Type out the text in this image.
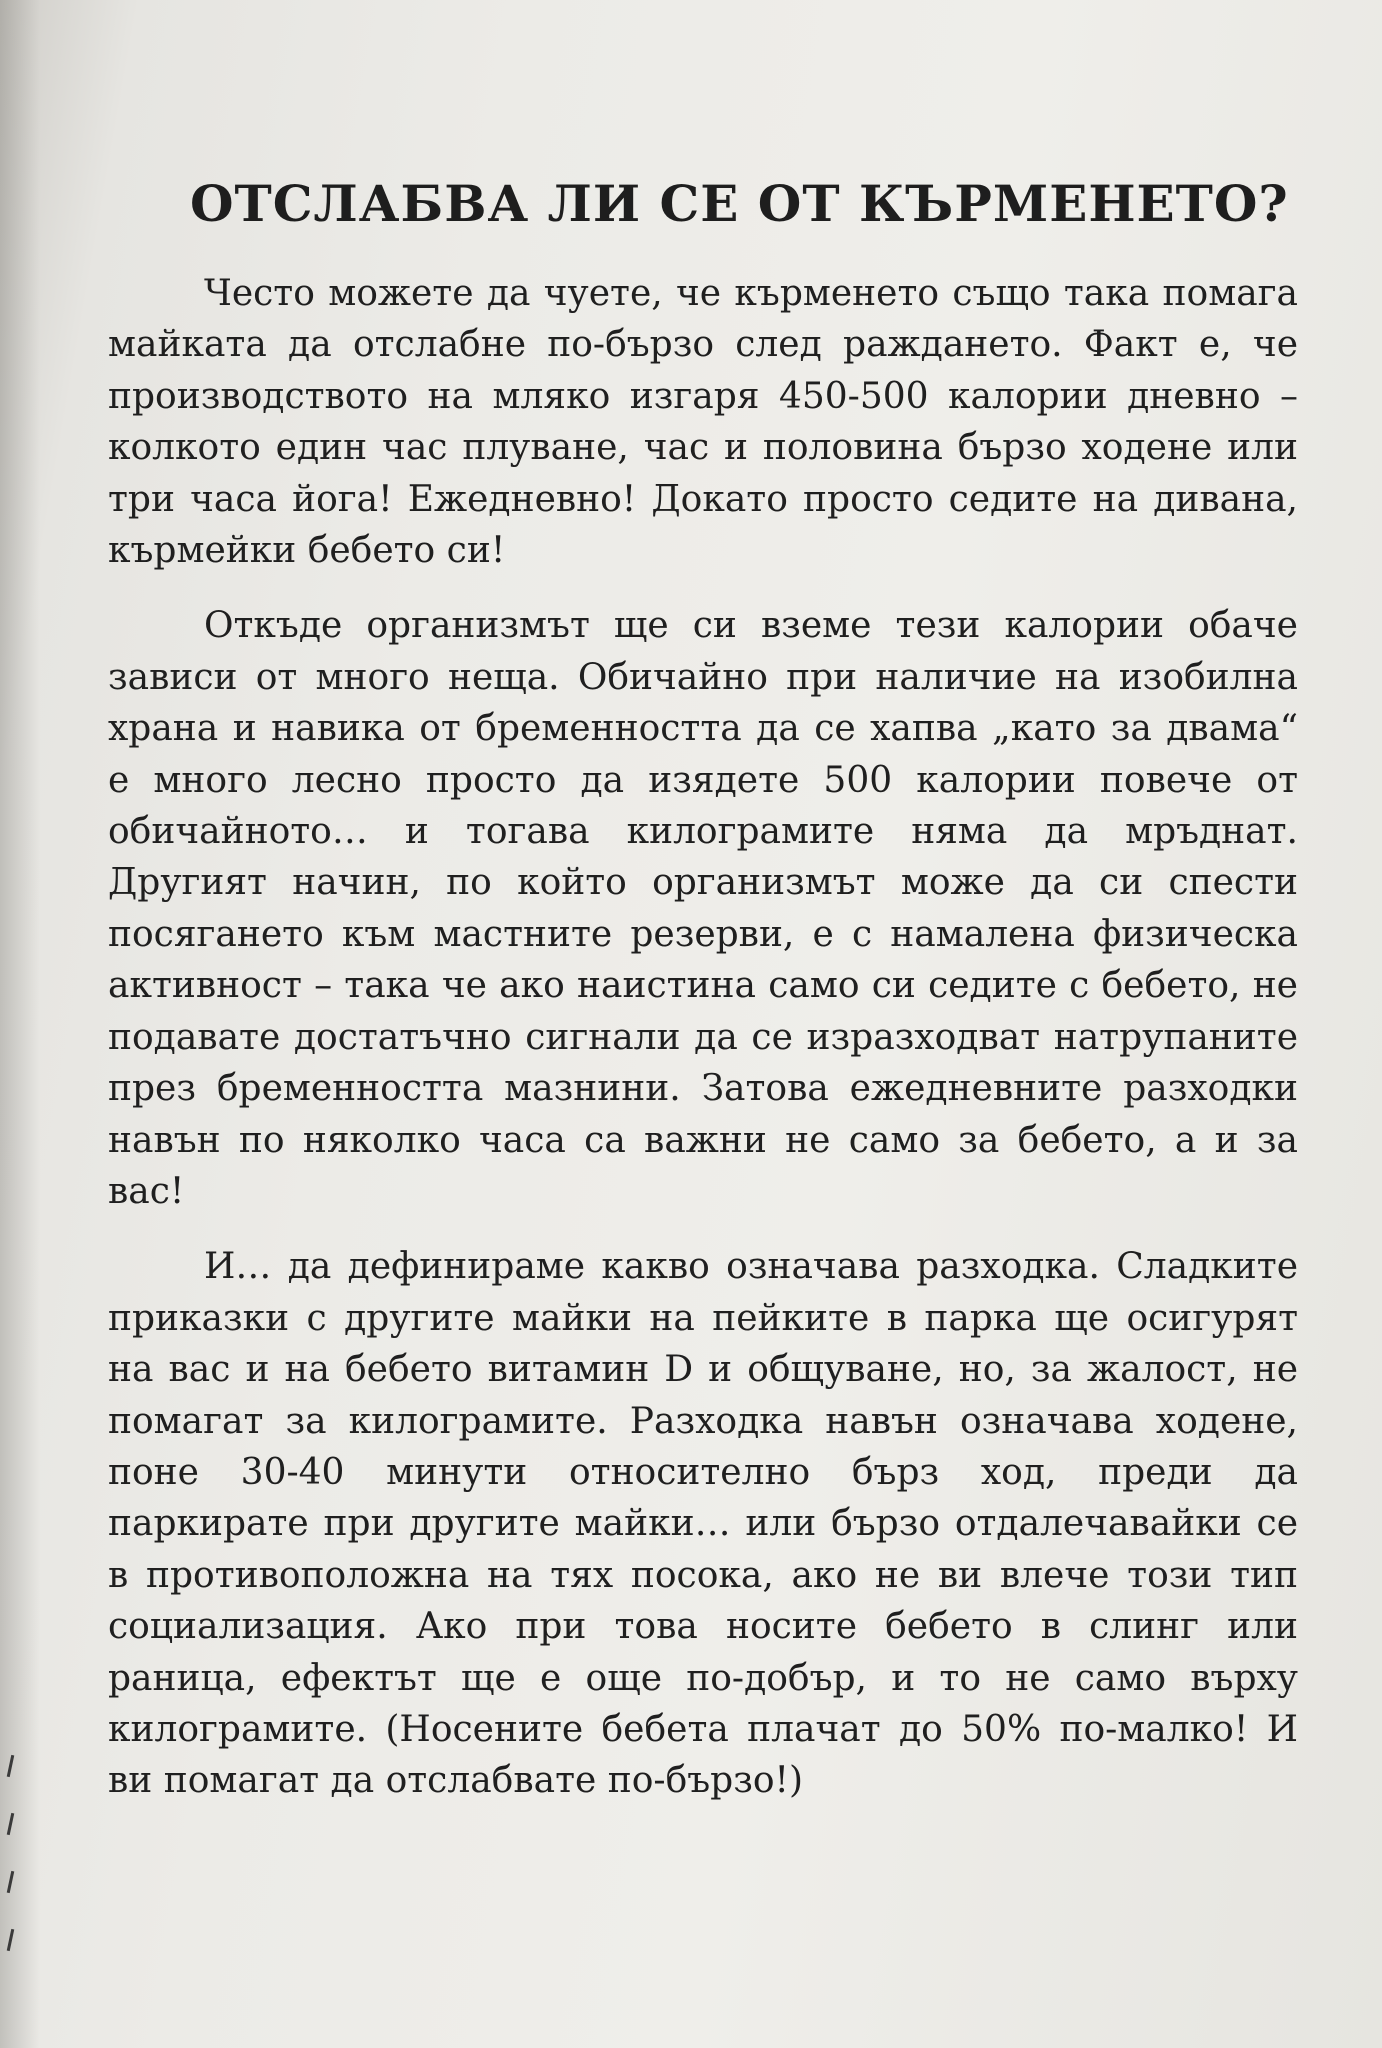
ОТСЛАБВА ЛИ СЕ ОТ КЪРМЕНЕТО?

Често можете да чуете, че кърменето също така помага майката да отслабне по-бързо след раждането. Факт е, че производството на мляко изгаря 450-500 калории дневно – колкото един час плуване, час и половина бързо ходене или три часа йога! Ежедневно! Докато просто седите на дивана, кърмейки бебето си!

Откъде организмът ще си вземе тези калории обаче зависи от много неща. Обичайно при наличие на изобилна храна и навика от бременността да се хапва „като за двама“ е много лесно просто да изядете 500 калории повече от обичайното… и тогава килограмите няма да мръднат. Другият начин, по който организмът може да си спести посягането към мастните резерви, е с намалена физическа активност – така че ако наистина само си седите с бебето, не подавате достатъчно сигнали да се изразходват натрупаните през бременността мазнини. Затова ежедневните разходки навън по няколко часа са важни не само за бебето, а и за вас!

И… да дефинираме какво означава разходка. Сладките приказки с другите майки на пейките в парка ще осигурят на вас и на бебето витамин D и общуване, но, за жалост, не помагат за килограмите. Разходка навън означава ходене, поне 30-40 минути относително бърз ход, преди да паркирате при другите майки… или бързо отдалечавайки се в противоположна на тях посока, ако не ви влече този тип социализация. Ако при това носите бебето в слинг или раница, ефектът ще е още по-добър, и то не само върху килограмите. (Носените бебета плачат до 50% по-малко! И ви помагат да отслабвате по-бързо!)
